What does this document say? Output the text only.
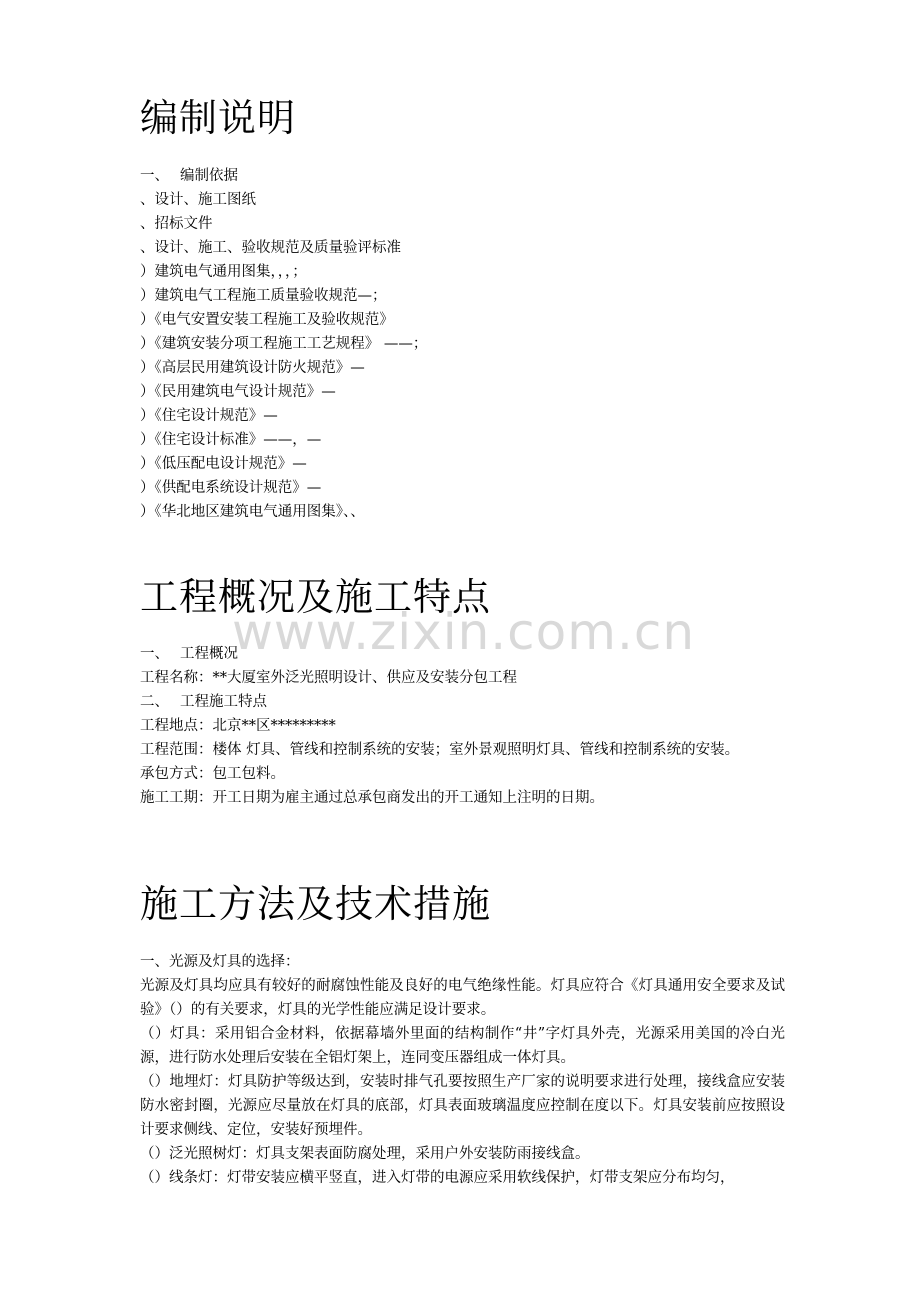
编制说明
一、 编制依据
、设计、施工图纸
、招标文件
、设计、施工、验收规范及质量验评标准
）建筑电气通用图集，，，；
）建筑电气工程施工质量验收规范—；
）《电气安置安装工程施工及验收规范》
）《建筑安装分项工程施工工艺规程》 ——；
）《高层民用建筑设计防火规范》—
）《民用建筑电气设计规范》—
）《住宅设计规范》—
）《住宅设计标准》——，—
）《低压配电设计规范》—
）《供配电系统设计规范》—
）《华北地区建筑电气通用图集》、、
工程概况及施工特点
一、 工程概况
工程名称：**大厦室外泛光照明设计、供应及安装分包工程
二、 工程施工特点
工程地点：北京**区*********
工程范围：楼体 灯具、管线和控制系统的安装；室外景观照明灯具、管线和控制系统的安装。
承包方式：包工包料。
施工工期：开工日期为雇主通过总承包商发出的开工通知上注明的日期。
施工方法及技术措施
一、光源及灯具的选择：
光源及灯具均应具有较好的耐腐蚀性能及良好的电气绝缘性能。灯具应符合《灯具通用安全要求及试验》（）的有关要求，灯具的光学性能应满足设计要求。
（）灯具：采用铝合金材料，依据幕墙外里面的结构制作“井”字灯具外壳，光源采用美国的冷白光源，进行防水处理后安装在全铝灯架上，连同变压器组成一体灯具。
（）地埋灯：灯具防护等级达到，安装时排气孔要按照生产厂家的说明要求进行处理，接线盒应安装防水密封圈，光源应尽量放在灯具的底部，灯具表面玻璃温度应控制在度以下。灯具安装前应按照设计要求侧线、定位，安装好预埋件。
（）泛光照树灯：灯具支架表面防腐处理，采用户外安装防雨接线盒。
（）线条灯：灯带安装应横平竖直，进入灯带的电源应采用软线保护，灯带支架应分布均匀，
www.zixin.com.cn
